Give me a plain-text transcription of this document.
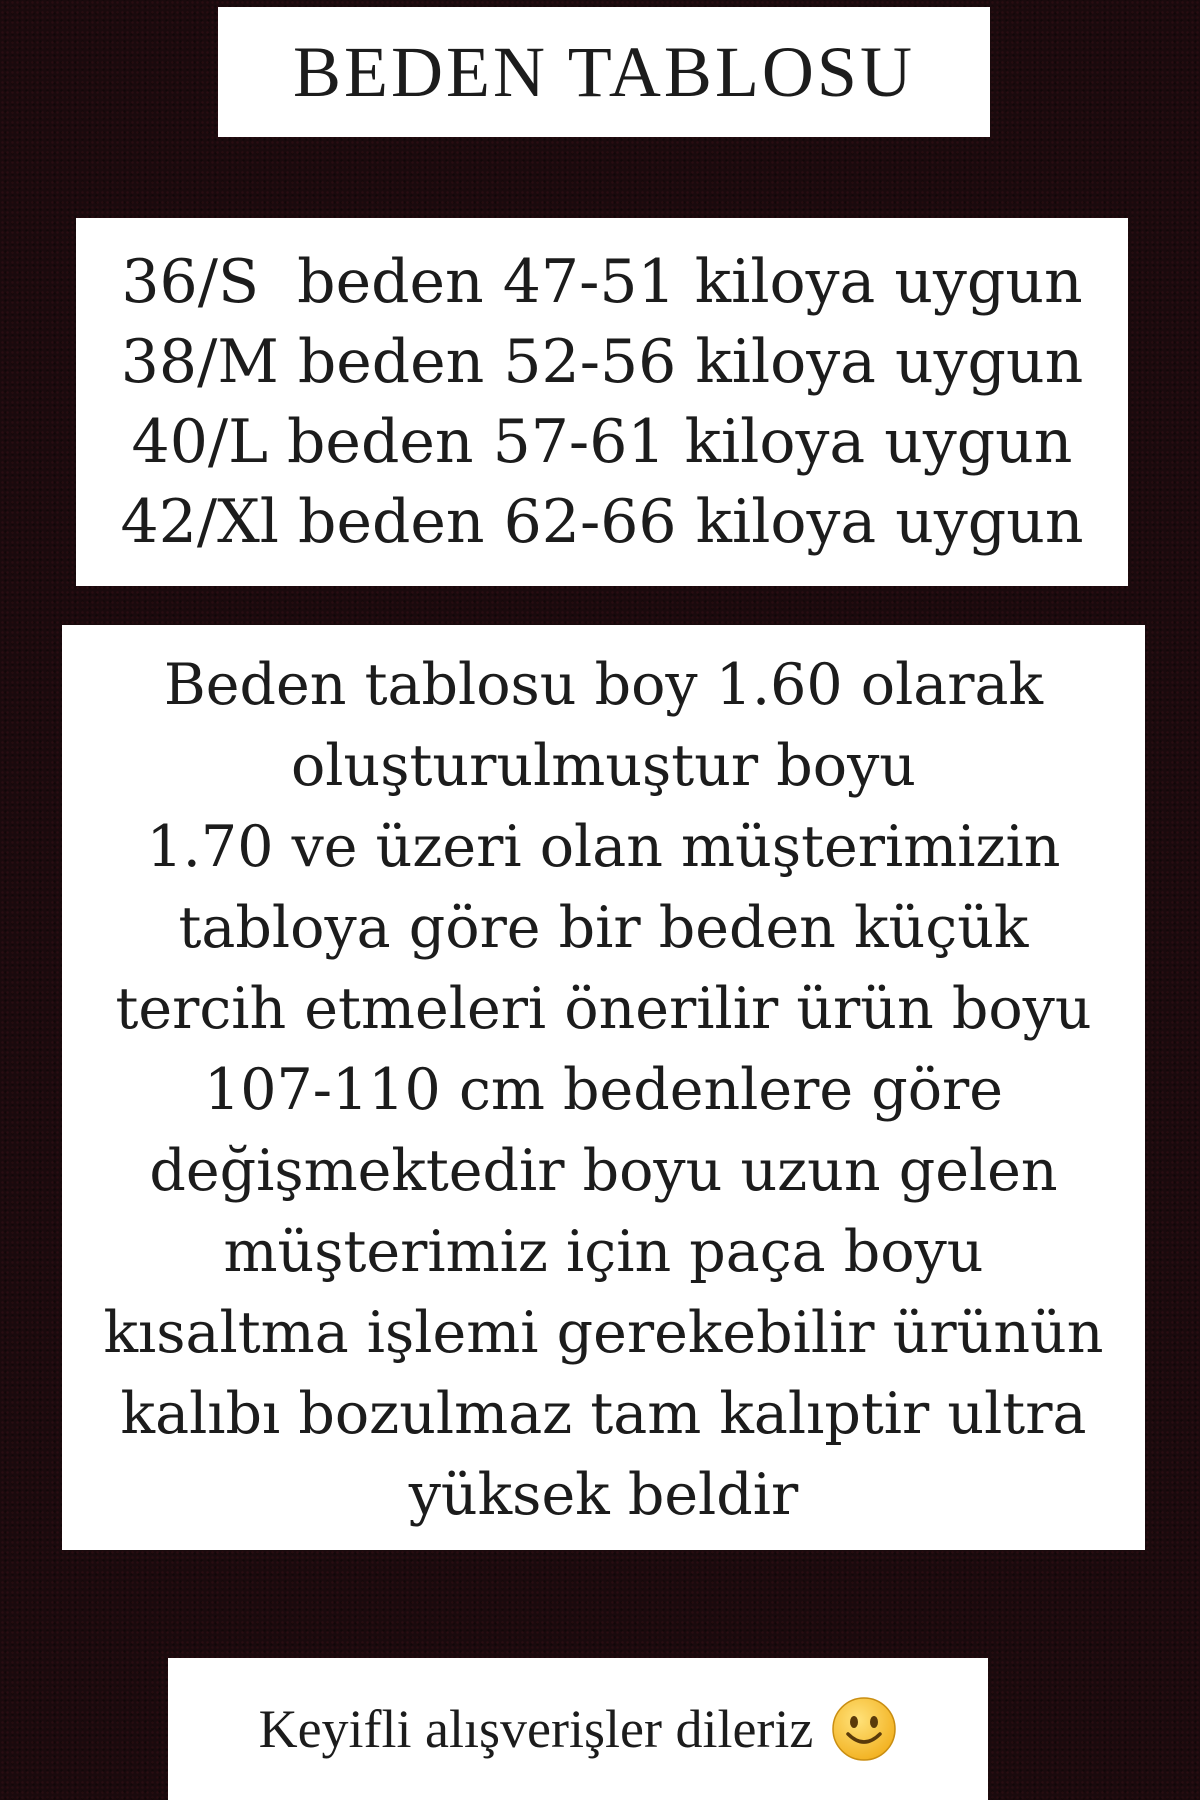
BEDEN TABLOSU
36/S  beden 47-51 kiloya uygun
38/M beden 52-56 kiloya uygun
40/L beden 57-61 kiloya uygun
42/Xl beden 62-66 kiloya uygun
Beden tablosu boy 1.60 olarak
oluşturulmuştur boyu
1.70 ve üzeri olan müşterimizin
tabloya göre bir beden küçük
tercih etmeleri önerilir ürün boyu
107-110 cm bedenlere göre
değişmektedir boyu uzun gelen
müşterimiz için paça boyu
kısaltma işlemi gerekebilir ürünün
kalıbı bozulmaz tam kalıptir ultra
yüksek beldir
Keyifli alışverişler dileriz
